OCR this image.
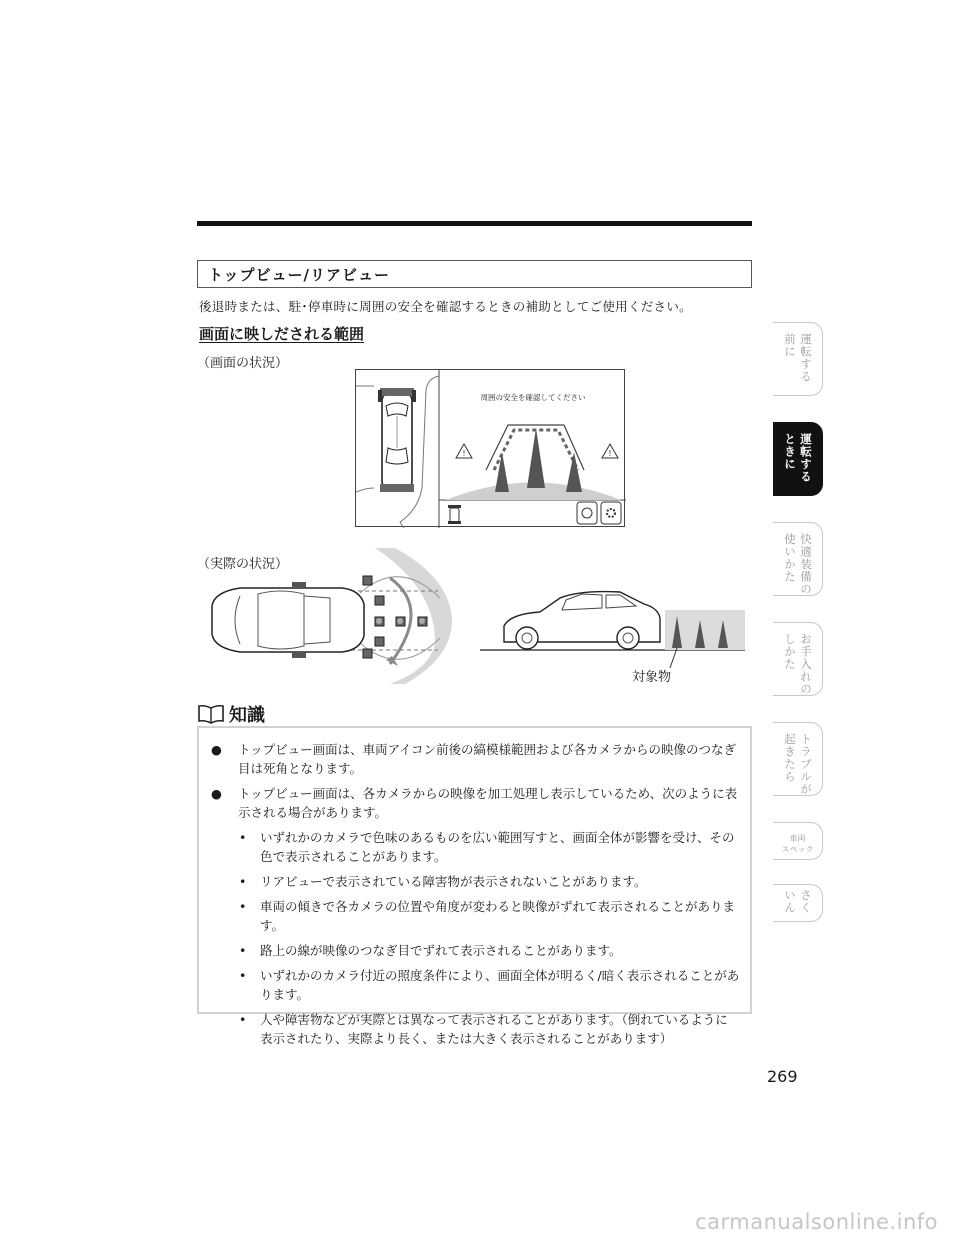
トップビュー/リアビュー
後退時または、駐･停車時に周囲の安全を確認するときの補助としてご使用ください。
画面に映しだされる範囲
（画面の状況）
周囲の安全を確認してください
!	!
（実際の状況）
対象物
知識
● トップビュー画面は、車両アイコン前後の縞模様範囲および各カメラからの映像のつなぎ目は死角となります。
● トップビュー画面は、各カメラからの映像を加工処理し表示しているため、次のように表示される場合があります。
• いずれかのカメラで色味のあるものを広い範囲写すと、画面全体が影響を受け、その色で表示されることがあります。
• リアビューで表示されている障害物が表示されないことがあります。
• 車両の傾きで各カメラの位置や角度が変わると映像がずれて表示されることがあります。
• 路上の線が映像のつなぎ目でずれて表示されることがあります。
• いずれかのカメラ付近の照度条件により、画面全体が明るく/暗く表示されることがあります。
• 人や障害物などが実際とは異なって表示されることがあります。（倒れているように表示されたり、実際より長く、または大きく表示されることがあります）
運転する
前に
運転する
ときに
快適装備の
使いかた
お手入れの
しかた
トラブルが
起きたら
車両
スペック
さく
いん
269
carmanualsonline.info
